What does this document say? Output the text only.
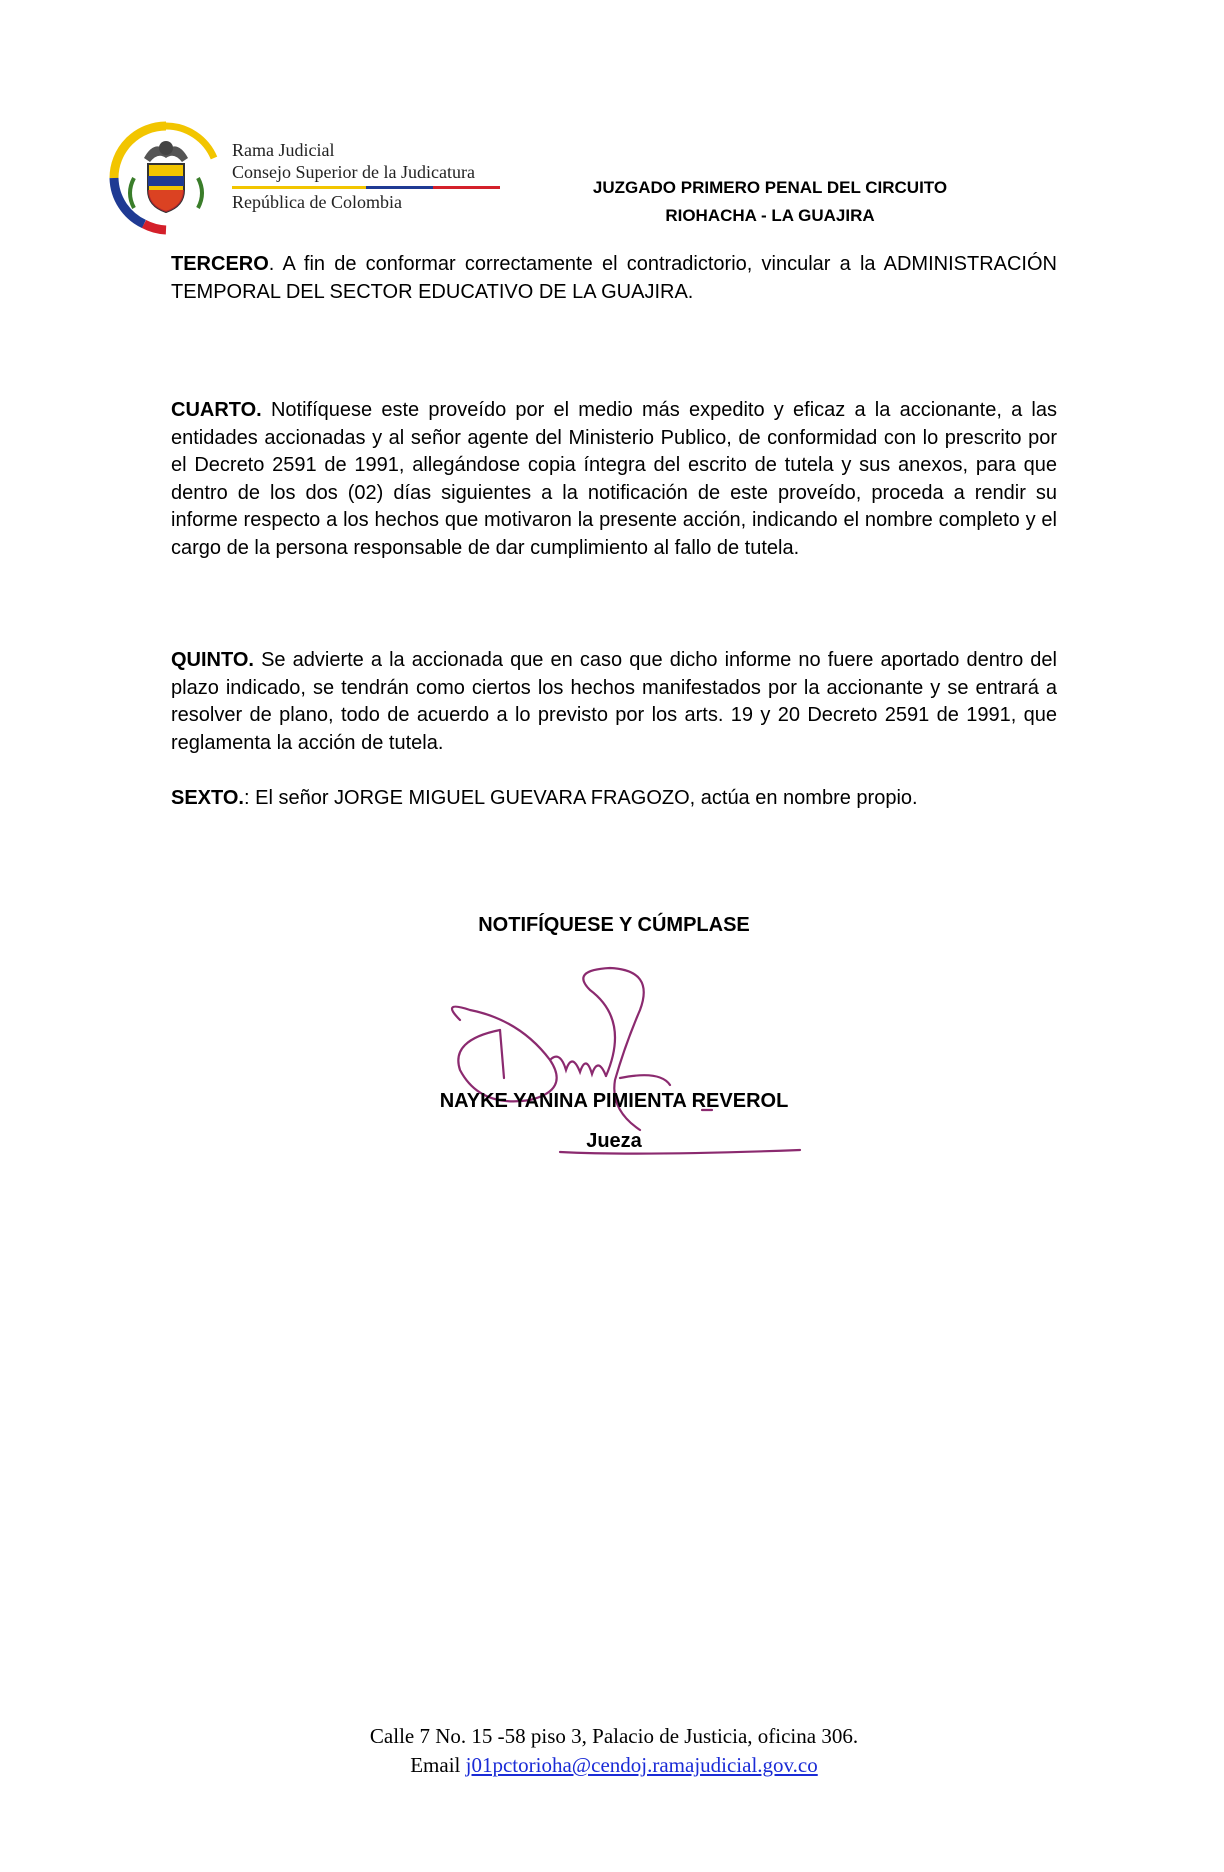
Rama Judicial
Consejo Superior de la Judicatura
República de Colombia
JUZGADO PRIMERO PENAL DEL CIRCUITO
RIOHACHA - LA GUAJIRA
TERCERO. A fin de conformar correctamente el contradictorio, vincular a la ADMINISTRACIÓN TEMPORAL DEL SECTOR EDUCATIVO DE LA GUAJIRA.
CUARTO. Notifíquese este proveído por el medio más expedito y eficaz a la accionante, a las entidades accionadas y al señor agente del Ministerio Publico, de conformidad con lo prescrito por el Decreto 2591 de 1991, allegándose copia íntegra del escrito de tutela y sus anexos, para que dentro de los dos (02) días siguientes a la notificación de este proveído, proceda a rendir su informe respecto a los hechos que motivaron la presente acción, indicando el nombre completo y el cargo de la persona responsable de dar cumplimiento al fallo de tutela.
QUINTO. Se advierte a la accionada que en caso que dicho informe no fuere aportado dentro del plazo indicado, se tendrán como ciertos los hechos manifestados por la accionante y se entrará a resolver de plano, todo de acuerdo a lo previsto por los arts. 19 y 20 Decreto 2591 de 1991, que reglamenta la acción de tutela.
SEXTO.: El señor JORGE MIGUEL GUEVARA FRAGOZO, actúa en nombre propio.
NOTIFÍQUESE Y CÚMPLASE
NAYKE YANINA PIMIENTA REVEROL
Jueza
Calle 7 No. 15 -58 piso 3, Palacio de Justicia, oficina 306.
Email j01pctorioha@cendoj.ramajudicial.gov.co
